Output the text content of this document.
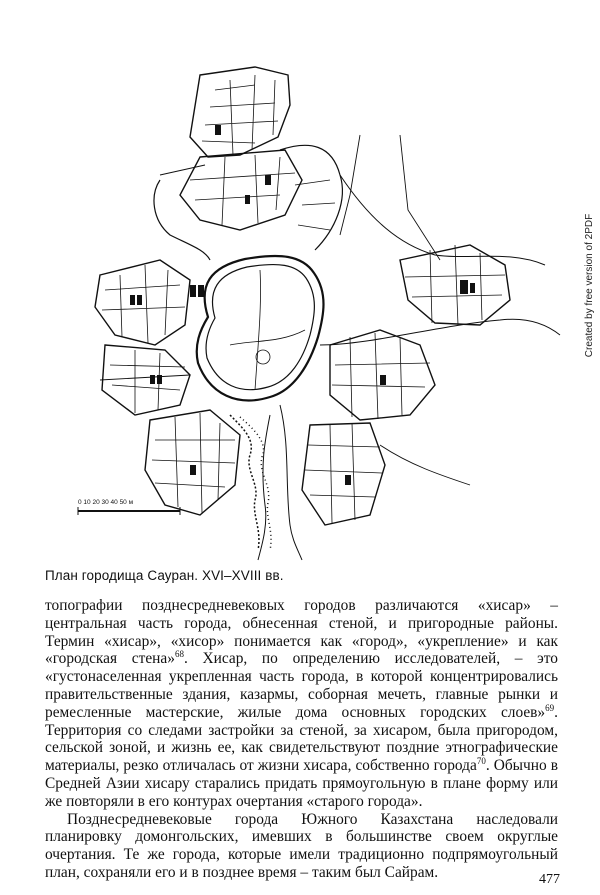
0 10 20 30 40 50 м
План городища Сауран. XVI–XVIII вв.

топографии позднесредневековых городов различаются «хисар» – центральная часть города, обнесенная стеной, и пригородные районы. Термин «хисар», «хисор» понимается как «город», «укрепление» и как «городская стена»$^{68}$. Хисар, по определению исследователей, – это «густонаселенная укрепленная часть города, в которой концентрировались правительственные здания, казармы, соборная мечеть, главные рынки и ремесленные мастерские, жилые дома основных городских слоев»$^{69}$. Территория со следами застройки за стеной, за хисаром, была пригородом, сельской зоной, и жизнь ее, как свидетельствуют поздние этнографические материалы, резко отличалась от жизни хисара, собственно города$^{70}$. Обычно в Средней Азии хисару старались придать прямоугольную в плане форму или же повторяли в его контурах очертания «старого города».

Позднесредневековые города Южного Казахстана наследовали планировку домонгольских, имевших в большинстве своем округлые очертания. Те же города, которые имели традиционно подпрямоугольный план, сохраняли его и в позднее время – таким был Сайрам.

Created by free version of 2PDF
477
